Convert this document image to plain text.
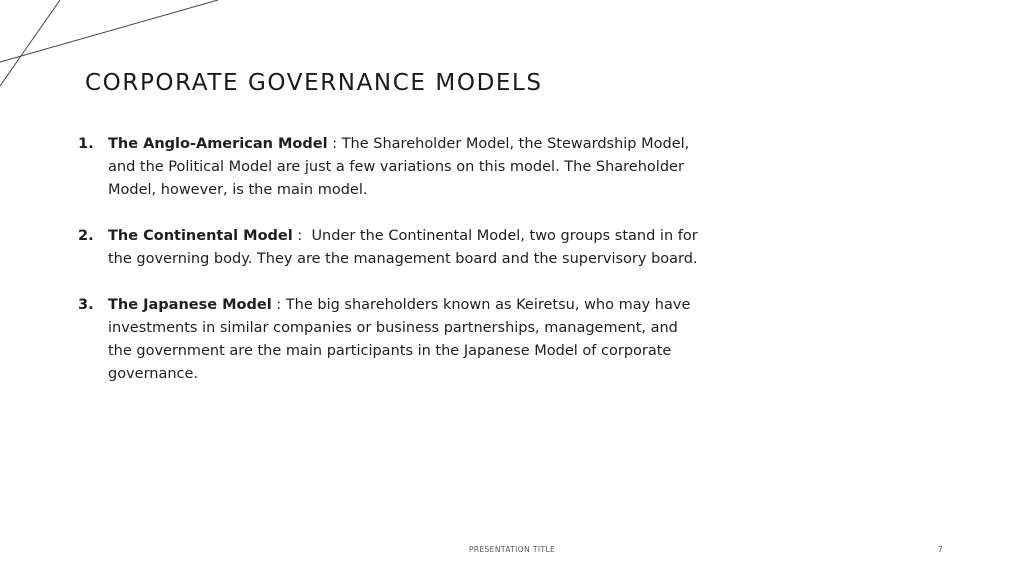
CORPORATE GOVERNANCE MODELS
1. The Anglo-American Model : The Shareholder Model, the Stewardship Model, and the Political Model are just a few variations on this model. The Shareholder Model, however, is the main model.
2. The Continental Model :  Under the Continental Model, two groups stand in for the governing body. They are the management board and the supervisory board.
3. The Japanese Model : The big shareholders known as Keiretsu, who may have investments in similar companies or business partnerships, management, and the government are the main participants in the Japanese Model of corporate governance.
PRESENTATION TITLE	7
